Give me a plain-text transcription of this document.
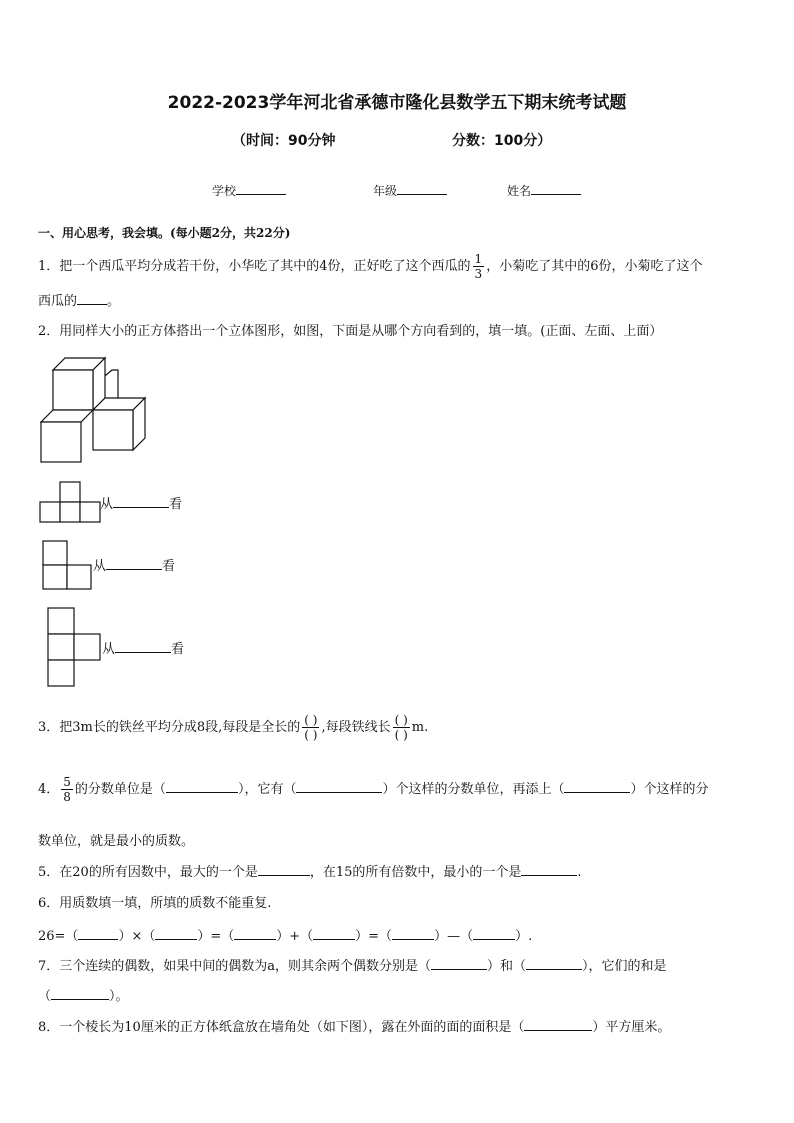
2022-2023学年河北省承德市隆化县数学五下期末统考试题
（时间：90分钟	分数：100分）
学校	年级	姓名
一、用心思考，我会填。(每小题2分，共22分)
1．把一个西瓜平均分成若干份，小华吃了其中的4份，正好吃了这个西瓜的 $\frac{1}{3}$ ，小菊吃了其中的6份，小菊吃了这个
西瓜的 。
2．用同样大小的正方体搭出一个立体图形，如图，下面是从哪个方向看到的，填一填。(正面、左面、上面）
从	看
从	看
从	看
3．把3m长的铁丝平均分成8段,每段是全长的 $\frac{( )}{( )}$ ,每段铁线长 $\frac{( )}{( )} m$.
4． $\frac{5}{8}$ 的分数单位是（	），它有（	）个这样的分数单位，再添上（	）个这样的分
数单位，就是最小的质数。
5．在20的所有因数中，最大的一个是	，在15的所有倍数中，最小的一个是	.
6．用质数填一填，所填的质数不能重复.
26=（	）×（	）=（	）+（	）=（	）—（	）.
7．三个连续的偶数，如果中间的偶数为a，则其余两个偶数分别是（	）和（	），它们的和是
（	）。
8．一个棱长为10厘米的正方体纸盒放在墙角处（如下图），露在外面的面的面积是（	）平方厘米。
